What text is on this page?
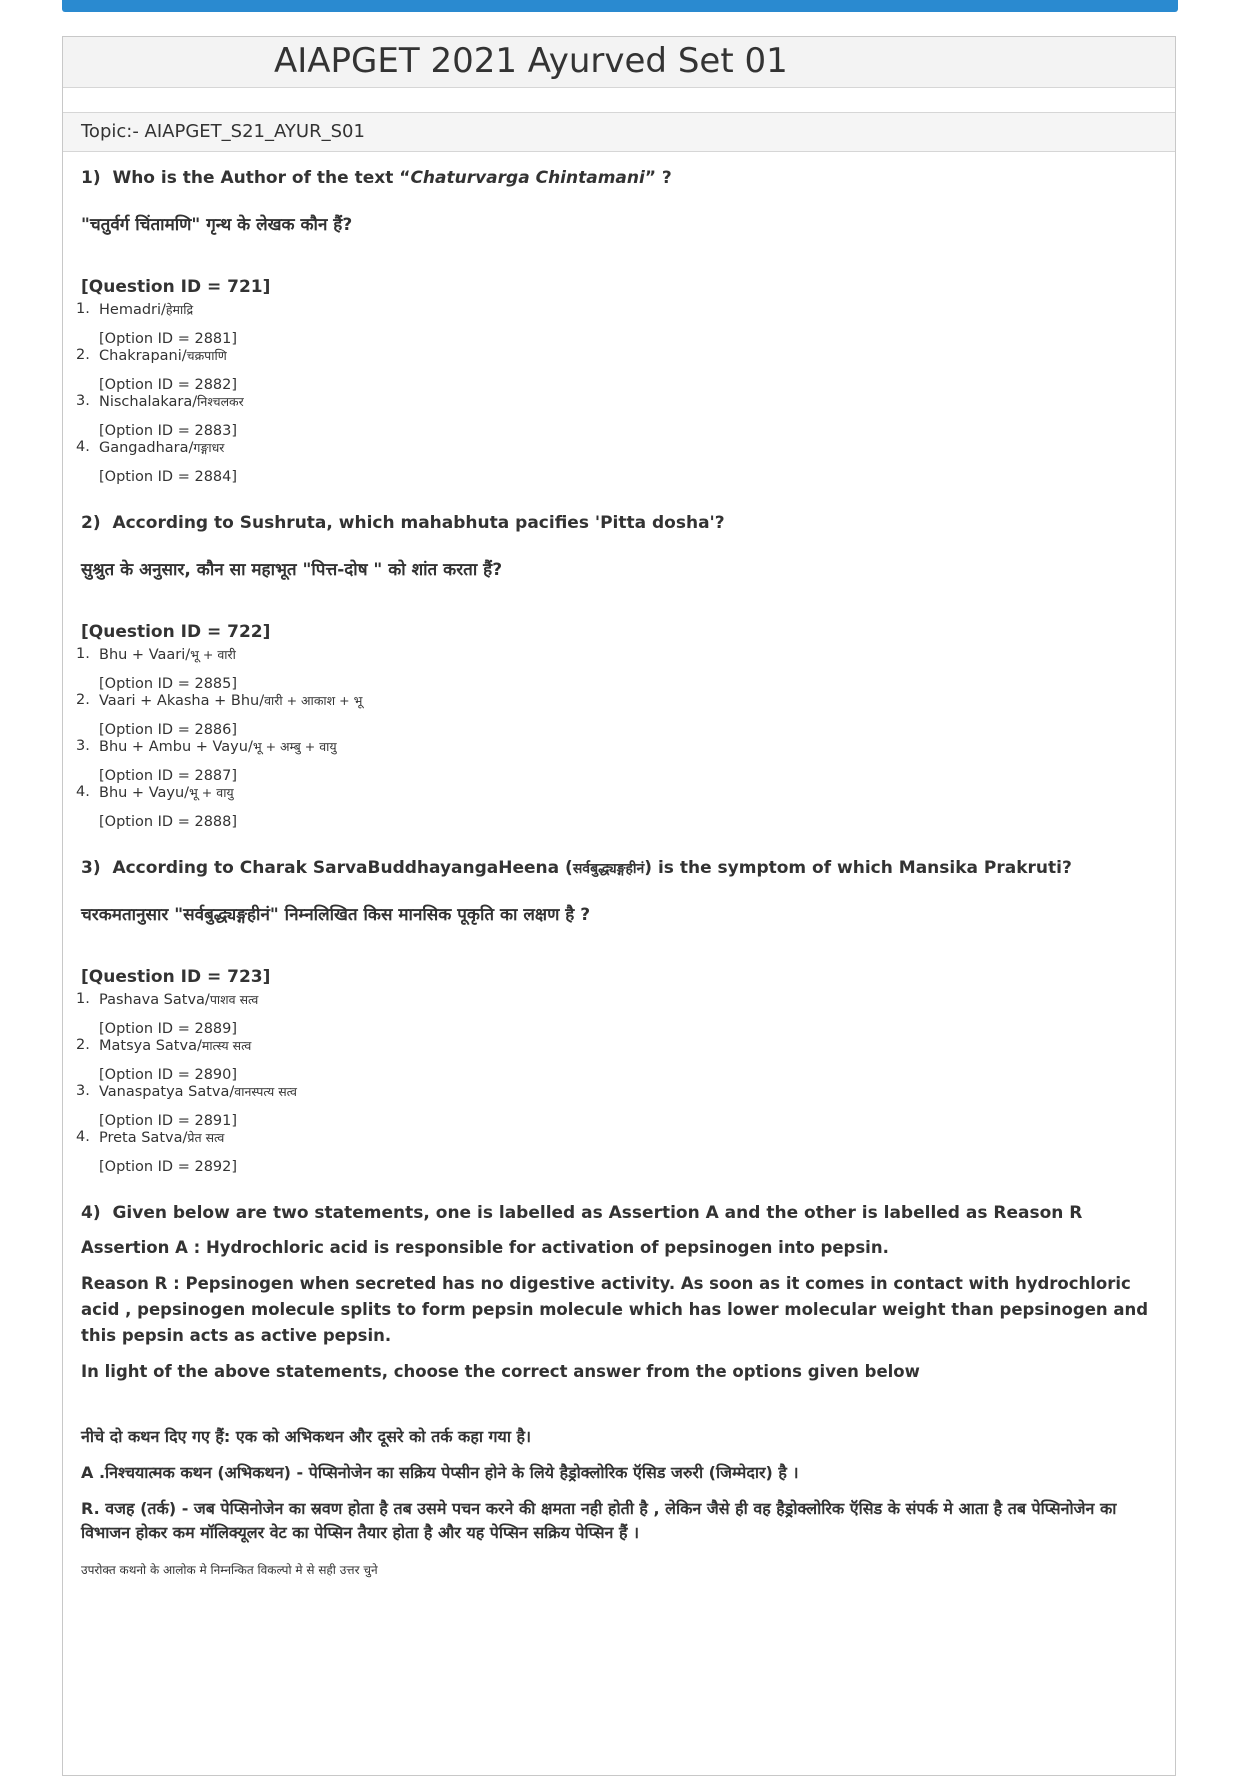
AIAPGET 2021 Ayurved Set 01
Topic:- AIAPGET_S21_AYUR_S01
1) Who is the Author of the text “Chaturvarga Chintamani” ?
"चतुर्वर्ग चिंतामणि" गृन्थ के लेखक कौन हैं?
[Question ID = 721]
1. Hemadri/हेमाद्रि
[Option ID = 2881]
2. Chakrapani/चक्रपाणि
[Option ID = 2882]
3. Nischalakara/निश्चलकर
[Option ID = 2883]
4. Gangadhara/गङ्गाधर
[Option ID = 2884]
2) According to Sushruta, which mahabhuta pacifies 'Pitta dosha'?
सुश्रुत के अनुसार, कौन सा महाभूत "पित्त-दोष " को शांत करता हैं?
[Question ID = 722]
1. Bhu + Vaari/भू + वारी
[Option ID = 2885]
2. Vaari + Akasha + Bhu/वारी + आकाश + भू
[Option ID = 2886]
3. Bhu + Ambu + Vayu/भू + अम्बु + वायु
[Option ID = 2887]
4. Bhu + Vayu/भू + वायु
[Option ID = 2888]
3) According to Charak SarvaBuddhayangaHeena (सर्वबुद्ध्यङ्गहीनं) is the symptom of which Mansika Prakruti?
चरकमतानुसार "सर्वबुद्ध्यङ्गहीनं" निम्नलिखित किस मानसिक पूकृति का लक्षण है ?
[Question ID = 723]
1. Pashava Satva/पाशव सत्व
[Option ID = 2889]
2. Matsya Satva/मात्स्य सत्व
[Option ID = 2890]
3. Vanaspatya Satva/वानस्पत्य सत्व
[Option ID = 2891]
4. Preta Satva/प्रेत सत्व
[Option ID = 2892]
4) Given below are two statements, one is labelled as Assertion A and the other is labelled as Reason R
Assertion A : Hydrochloric acid is responsible for activation of pepsinogen into pepsin.
Reason R : Pepsinogen when secreted has no digestive activity. As soon as it comes in contact with hydrochloric acid , pepsinogen molecule splits to form pepsin molecule which has lower molecular weight than pepsinogen and this pepsin acts as active pepsin.
In light of the above statements, choose the correct answer from the options given below
नीचे दो कथन दिए गए हैं: एक को अभिकथन और दूसरे को तर्क कहा गया है।
A .निश्चयात्मक कथन (अभिकथन) - पेप्सिनोजेन का सक्रिय पेप्सीन होने के लिये हैड्रोक्लोरिक ऍसिड जरुरी (जिम्मेदार) है ।
R. वजह (तर्क) - जब पेप्सिनोजेन का स्रवण होता है तब उसमे पचन करने की क्षमता नही होती है , लेकिन जैसे ही वह हैड्रोक्लोरिक ऍसिड के संपर्क मे आता है तब पेप्सिनोजेन का विभाजन होकर कम मॉलिक्यूलर वेट का पेप्सिन तैयार होता है और यह पेप्सिन सक्रिय पेप्सिन हैं ।
उपरोक्त कथनो के आलोक मे निम्नन्कित विकल्पो मे से सही उत्तर चुने
